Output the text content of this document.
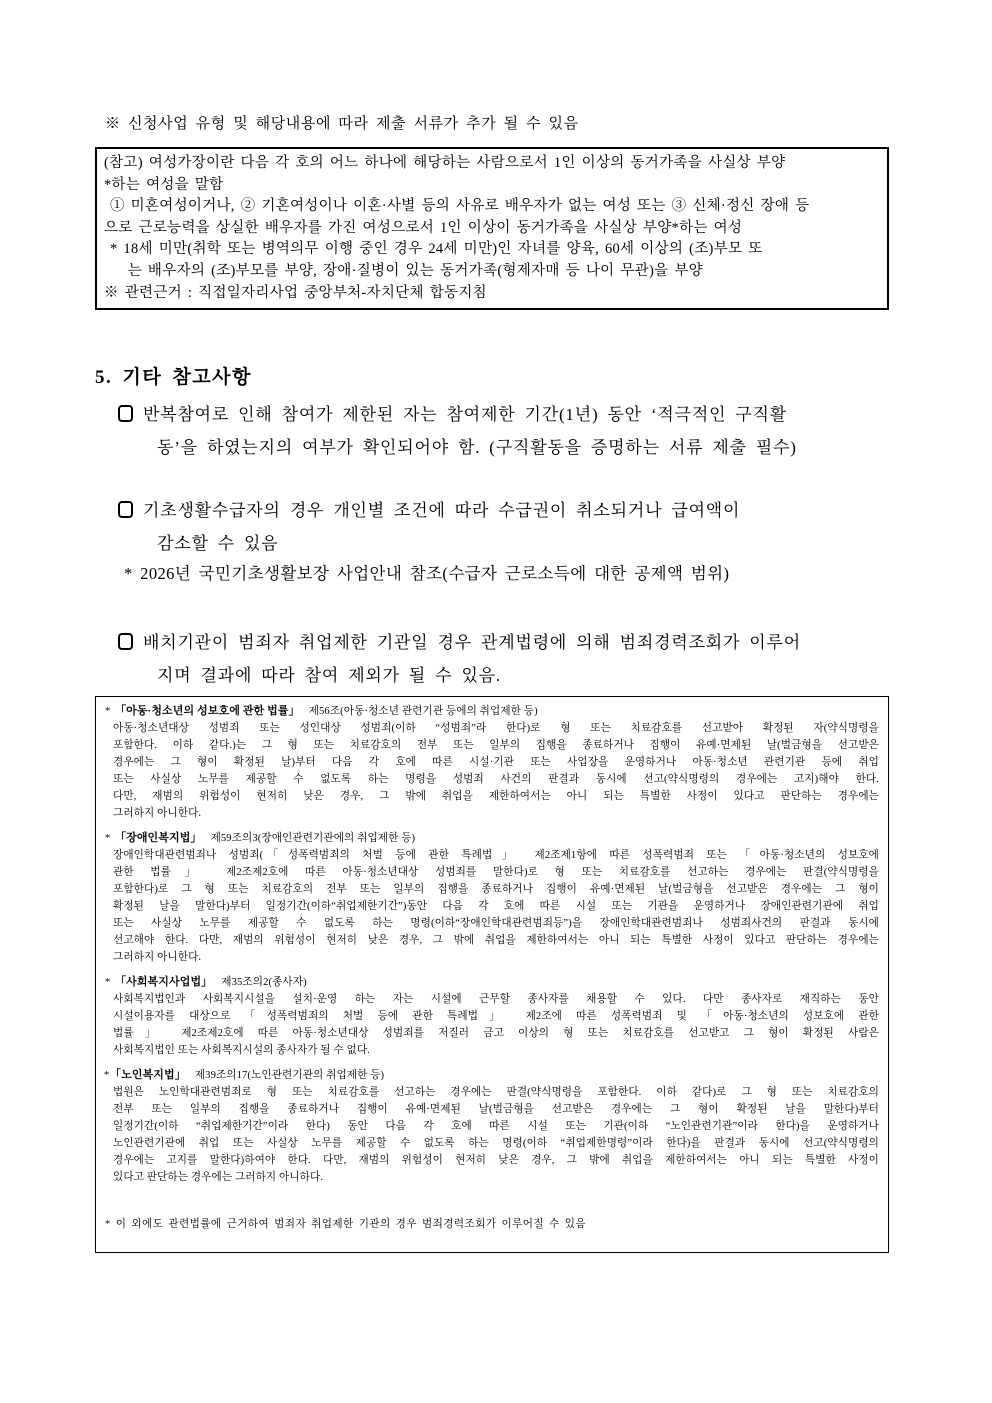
※ 신청사업 유형 및 해당내용에 따라 제출 서류가 추가 될 수 있음
(참고) 여성가장이란 다음 각 호의 어느 하나에 해당하는 사람으로서 1인 이상의 동거가족을 사실상 부양
*하는 여성을 말함
① 미혼여성이거나, ② 기혼여성이나 이혼·사별 등의 사유로 배우자가 없는 여성 또는 ③ 신체·정신 장애 등
으로 근로능력을 상실한 배우자를 가진 여성으로서 1인 이상이 동거가족을 사실상 부양*하는 여성
* 18세 미만(취학 또는 병역의무 이행 중인 경우 24세 미만)인 자녀를 양육, 60세 이상의 (조)부모 또
는 배우자의 (조)부모를 부양, 장애·질병이 있는 동거가족(형제자매 등 나이 무관)을 부양
※ 관련근거 : 직접일자리사업 중앙부처-자치단체 합동지침
5. 기타 참고사항
반복참여로 인해 참여가 제한된 자는 참여제한 기간(1년) 동안 ‘적극적인 구직활
동’을 하였는지의 여부가 확인되어야 함. (구직활동을 증명하는 서류 제출 필수)
기초생활수급자의 경우 개인별 조건에 따라 수급권이 취소되거나 급여액이
감소할 수 있음
* 2026년 국민기초생활보장 사업안내 참조(수급자 근로소득에 대한 공제액 범위)
배치기관이 범죄자 취업제한 기관일 경우 관계법령에 의해 범죄경력조회가 이루어
지며 결과에 따라 참여 제외가 될 수 있음.
* 「아동·청소년의 성보호에 관한 법률」 제56조(아동·청소년 관련기관 등에의 취업제한 등)
아동·청소년대상 성범죄 또는 성인대상 성범죄(이하 “성범죄”라 한다)로 형 또는 치료감호를 선고받아 확정된 자(약식명령을
포함한다. 이하 같다.)는 그 형 또는 치료감호의 전부 또는 일부의 집행을 종료하거나 집행이 유예·면제된 날(벌금형을 선고받은
경우에는 그 형이 확정된 날)부터 다음 각 호에 따른 시설·기관 또는 사업장을 운영하거나 아동·청소년 관련기관 등에 취업
또는 사실상 노무를 제공할 수 없도록 하는 명령을 성범죄 사건의 판결과 동시에 선고(약식명령의 경우에는 고지)해야 한다.
다만, 재범의 위험성이 현저히 낮은 경우, 그 밖에 취업을 제한하여서는 아니 되는 특별한 사정이 있다고 판단하는 경우에는
그러하지 아니한다.
* 「장애인복지법」 제59조의3(장애인관련기관에의 취업제한 등)
장애인학대관련범죄나 성범죄(「성폭력범죄의 처벌 등에 관한 특례법」 제2조제1항에 따른 성폭력범죄 또는 「아동·청소년의 성보호에
관한 법률」 제2조제2호에 따른 아동·청소년대상 성범죄를 말한다)로 형 또는 치료감호를 선고하는 경우에는 판결(약식명령을
포함한다)로 그 형 또는 치료감호의 전부 또는 일부의 집행을 종료하거나 집행이 유예·면제된 날(벌금형을 선고받은 경우에는 그 형이
확정된 날을 말한다)부터 일정기간(이하“취업제한기간”)동안 다음 각 호에 따른 시설 또는 기관을 운영하거나 장애인관련기관에 취업
또는 사실상 노무를 제공할 수 없도록 하는 명령(이하“장애인학대관련범죄등”)을 장애인학대관련범죄나 성범죄사건의 판결과 동시에
선고해야 한다. 다만, 재범의 위험성이 현저히 낮은 경우, 그 밖에 취업을 제한하여서는 아니 되는 특별한 사정이 있다고 판단하는 경우에는
그러하지 아니한다.
* 「사회복지사업법」 제35조의2(종사자)
사회복지법인과 사회복지시설을 설치·운영 하는 자는 시설에 근무할 종사자를 채용할 수 있다. 다만 종사자로 재직하는 동안
시설이용자를 대상으로 「성폭력범죄의 처벌 등에 관한 특례법」 제2조에 따른 성폭력범죄 및 「아동·청소년의 성보호에 관한
법률」 제2조제2호에 따른 아동·청소년대상 성범죄를 저질러 금고 이상의 형 또는 치료감호를 선고받고 그 형이 확정된 사람은
사회복지법인 또는 사회복지시설의 종사자가 될 수 없다.
*「노인복지법」 제39조의17(노인관련기관의 취업제한 등)
법원은 노인학대관련범죄로 형 또는 치료감호를 선고하는 경우에는 판결(약식명령을 포함한다. 이하 같다)로 그 형 또는 치료감호의
전부 또는 일부의 집행을 종료하거나 집행이 유예·면제된 날(벌금형을 선고받은 경우에는 그 형이 확정된 날을 말한다)부터
일정기간(이하 “취업제한기간”이라 한다) 동안 다음 각 호에 따른 시설 또는 기관(이하 “노인관련기관”이라 한다)을 운영하거나
노인관련기관에 취업 또는 사실상 노무를 제공할 수 없도록 하는 명령(이하 “취업제한명령”이라 한다)을 판결과 동시에 선고(약식명령의
경우에는 고지를 말한다)하여야 한다. 다만, 재범의 위험성이 현저히 낮은 경우, 그 밖에 취업을 제한하여서는 아니 되는 특별한 사정이
있다고 판단하는 경우에는 그러하지 아니하다.
* 이 외에도 관련법률에 근거하여 범죄자 취업제한 기관의 경우 범죄경력조회가 이루어질 수 있음
